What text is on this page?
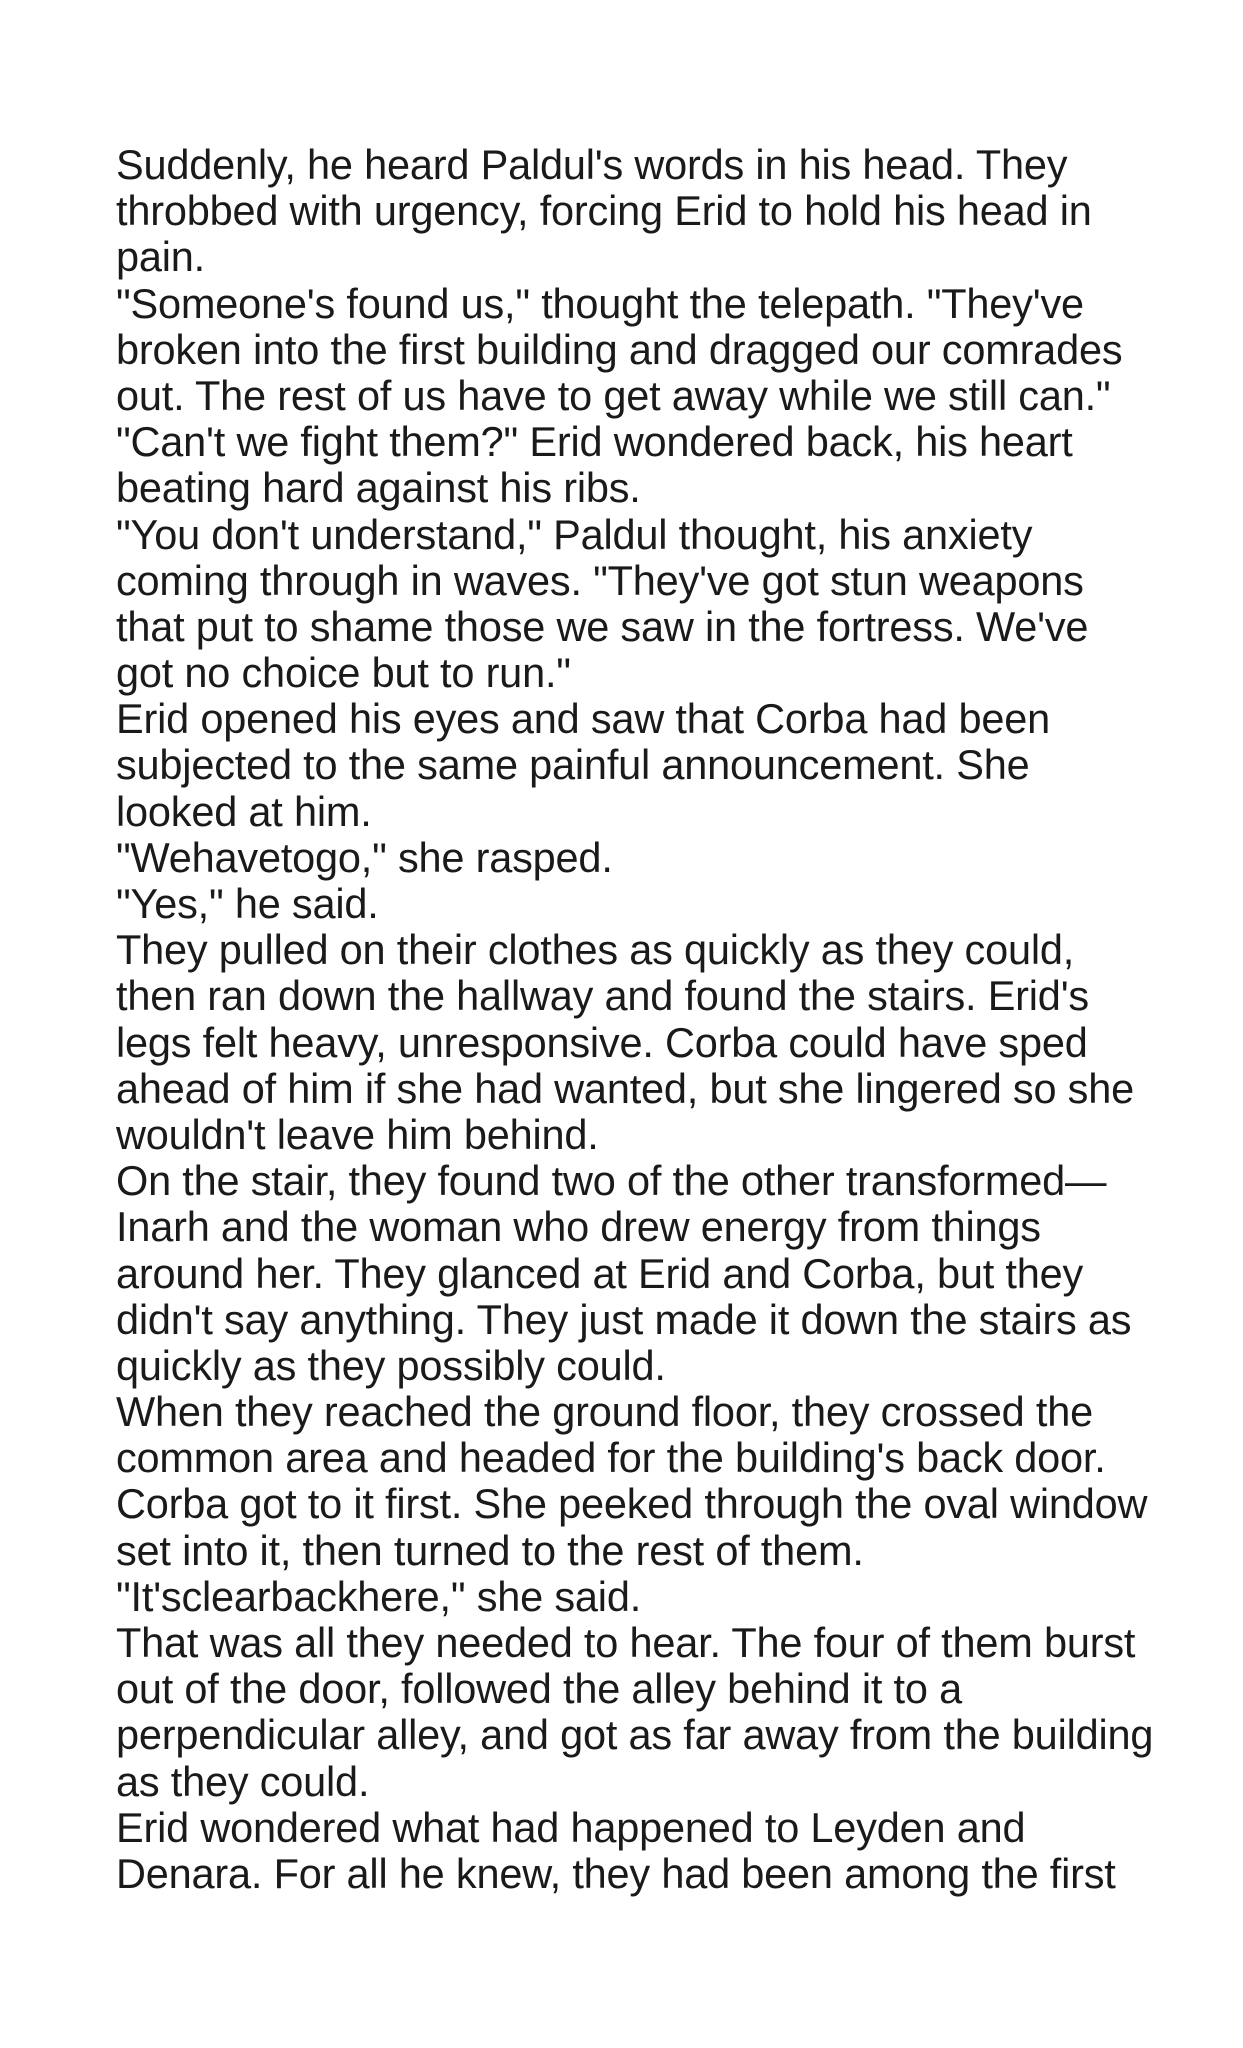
Suddenly, he heard Paldul's words in his head. They
throbbed with urgency, forcing Erid to hold his head in
pain.
"Someone's found us," thought the telepath. "They've
broken into the first building and dragged our comrades
out. The rest of us have to get away while we still can."
"Can't we fight them?" Erid wondered back, his heart
beating hard against his ribs.
"You don't understand," Paldul thought, his anxiety
coming through in waves. "They've got stun weapons
that put to shame those we saw in the fortress. We've
got no choice but to run."
Erid opened his eyes and saw that Corba had been
subjected to the same painful announcement. She
looked at him.
"Wehavetogo," she rasped.
"Yes," he said.
They pulled on their clothes as quickly as they could,
then ran down the hallway and found the stairs. Erid's
legs felt heavy, unresponsive. Corba could have sped
ahead of him if she had wanted, but she lingered so she
wouldn't leave him behind.
On the stair, they found two of the other transformed—
Inarh and the woman who drew energy from things
around her. They glanced at Erid and Corba, but they
didn't say anything. They just made it down the stairs as
quickly as they possibly could.
When they reached the ground floor, they crossed the
common area and headed for the building's back door.
Corba got to it first. She peeked through the oval window
set into it, then turned to the rest of them.
"It'sclearbackhere," she said.
That was all they needed to hear. The four of them burst
out of the door, followed the alley behind it to a
perpendicular alley, and got as far away from the building
as they could.
Erid wondered what had happened to Leyden and
Denara. For all he knew, they had been among the first
